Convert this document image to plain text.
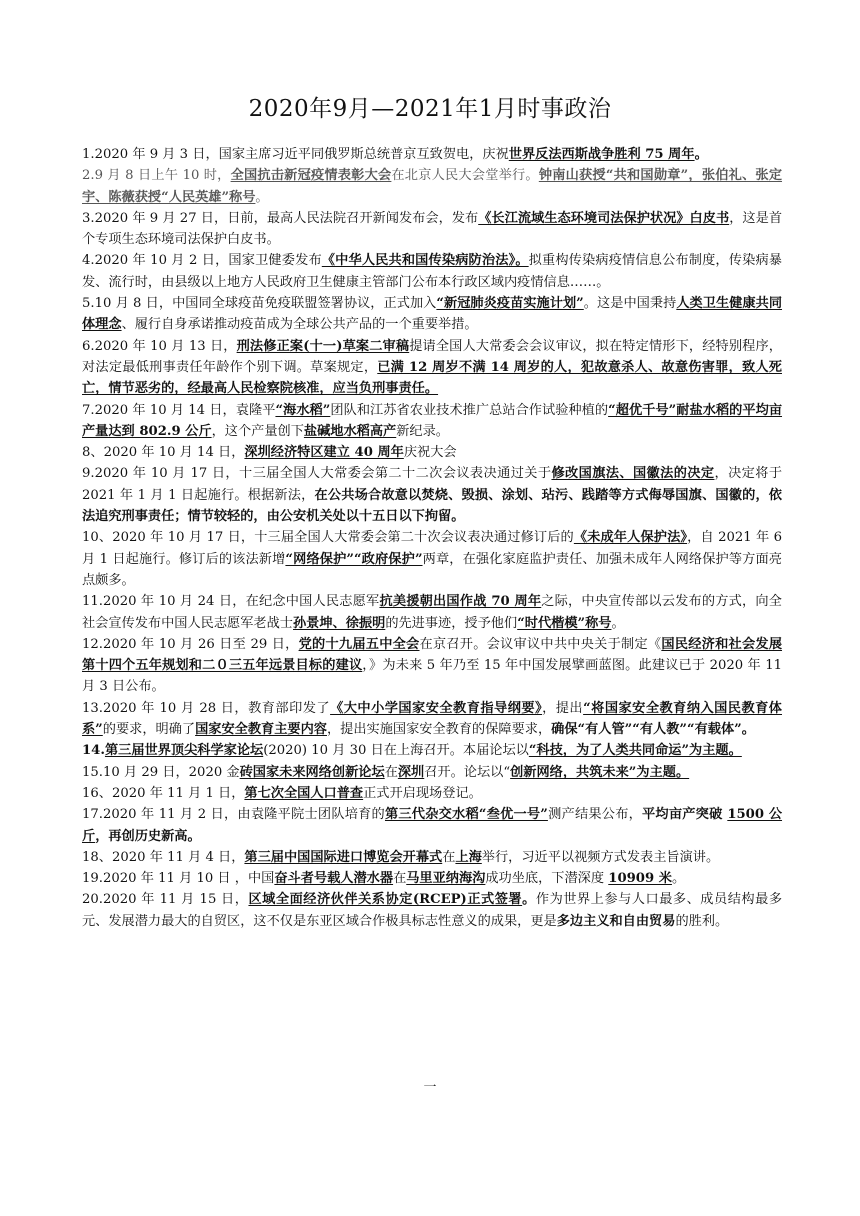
2020年9月—2021年1月时事政治

1.2020 年 9 月 3 日，国家主席习近平同俄罗斯总统普京互致贺电，庆祝世界反法西斯战争胜利 75 周年。

2.9 月 8 日上午 10 时，全国抗击新冠疫情表彰大会在北京人民大会堂举行。钟南山获授“共和国勋章”，张伯礼、张定宇、陈薇获授“人民英雄”称号。

3.2020 年 9 月 27 日，日前，最高人民法院召开新闻发布会，发布《长江流域生态环境司法保护状况》白皮书，这是首个专项生态环境司法保护白皮书。

4.2020 年 10 月 2 日，国家卫健委发布《中华人民共和国传染病防治法》。拟重构传染病疫情信息公布制度，传染病暴发、流行时，由县级以上地方人民政府卫生健康主管部门公布本行政区域内疫情信息……。

5.10 月 8 日，中国同全球疫苗免疫联盟签署协议，正式加入“新冠肺炎疫苗实施计划”。这是中国秉持人类卫生健康共同体理念、履行自身承诺推动疫苗成为全球公共产品的一个重要举措。

6.2020 年 10 月 13 日，刑法修正案(十一)草案二审稿提请全国人大常委会会议审议，拟在特定情形下，经特别程序，对法定最低刑事责任年龄作个别下调。草案规定，已满 12 周岁不满 14 周岁的人，犯故意杀人、故意伤害罪，致人死亡，情节恶劣的，经最高人民检察院核准，应当负刑事责任。

7.2020 年 10 月 14 日，袁隆平“海水稻”团队和江苏省农业技术推广总站合作试验种植的“超优千号”耐盐水稻的平均亩产量达到 802.9 公斤，这个产量创下盐碱地水稻高产新纪录。

8、2020 年 10 月 14 日，深圳经济特区建立 40 周年庆祝大会

9.2020 年 10 月 17 日，十三届全国人大常委会第二十二次会议表决通过关于修改国旗法、国徽法的决定，决定将于 2021 年 1 月 1 日起施行。根据新法，在公共场合故意以焚烧、毁损、涂划、玷污、践踏等方式侮辱国旗、国徽的，依法追究刑事责任；情节较轻的，由公安机关处以十五日以下拘留。

10、2020 年 10 月 17 日，十三届全国人大常委会第二十次会议表决通过修订后的《未成年人保护法》，自 2021 年 6 月 1 日起施行。修订后的该法新增“网络保护”“政府保护”两章，在强化家庭监护责任、加强未成年人网络保护等方面亮点颇多。

11.2020 年 10 月 24 日，在纪念中国人民志愿军抗美援朝出国作战 70 周年之际，中央宣传部以云发布的方式，向全社会宣传发布中国人民志愿军老战士孙景坤、徐振明的先进事迹，授予他们“时代楷模”称号。

12.2020 年 10 月 26 日至 29 日，党的十九届五中全会在京召开。会议审议中共中央关于制定《国民经济和社会发展第十四个五年规划和二０三五年远景目标的建议，》为未来 5 年乃至 15 年中国发展擘画蓝图。此建议已于 2020 年 11 月 3 日公布。

13.2020 年 10 月 28 日，教育部印发了《大中小学国家安全教育指导纲要》，提出“将国家安全教育纳入国民教育体系”的要求，明确了国家安全教育主要内容，提出实施国家安全教育的保障要求，确保“有人管”“有人教”“有载体”。

14.第三届世界顶尖科学家论坛(2020) 10 月 30 日在上海召开。本届论坛以“科技，为了人类共同命运”为主题。

15.10 月 29 日，2020 金砖国家未来网络创新论坛在深圳召开。论坛以“创新网络，共筑未来”为主题。

16、2020 年 11 月 1 日，第七次全国人口普查正式开启现场登记。

17.2020 年 11 月 2 日，由袁隆平院士团队培育的第三代杂交水稻“叁优一号”测产结果公布，平均亩产突破 1500 公斤，再创历史新高。

18、2020 年 11 月 4 日，第三届中国国际进口博览会开幕式在上海举行，习近平以视频方式发表主旨演讲。

19.2020 年 11 月 10 日 ，中国奋斗者号载人潜水器在马里亚纳海沟成功坐底，下潜深度 10909 米。

20.2020 年 11 月 15 日，区域全面经济伙伴关系协定(RCEP)正式签署。作为世界上参与人口最多、成员结构最多元、发展潜力最大的自贸区，这不仅是东亚区域合作极具标志性意义的成果，更是多边主义和自由贸易的胜利。

一
